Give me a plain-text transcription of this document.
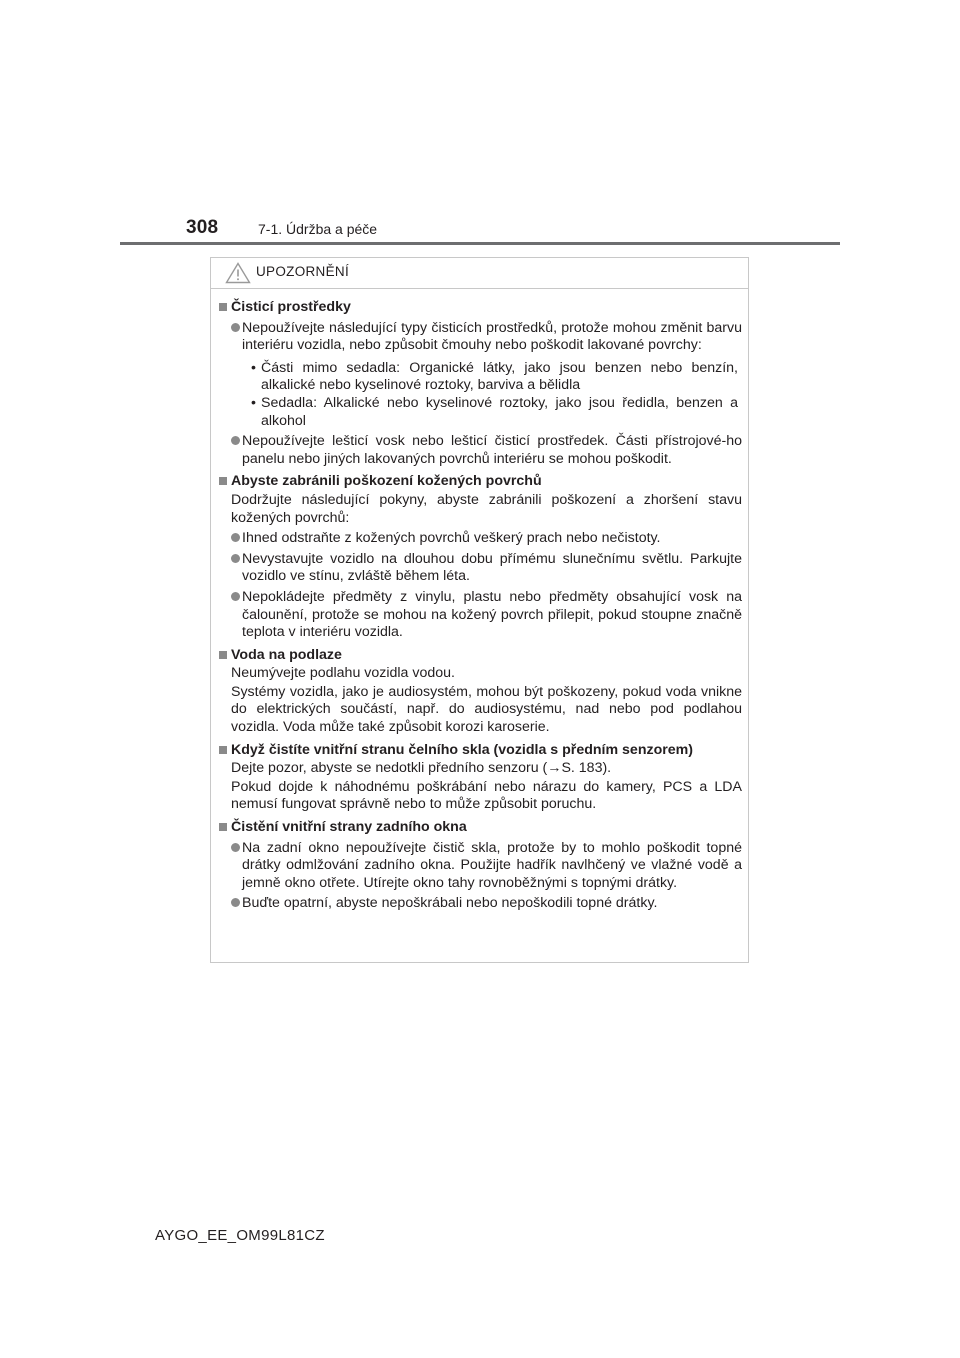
308	7-1. Údržba a péče
UPOZORNĚNÍ
Čisticí prostředky
Nepoužívejte následující typy čisticích prostředků, protože mohou změnit barvu interiéru vozidla, nebo způsobit čmouhy nebo poškodit lakované povrchy:
• Části mimo sedadla: Organické látky, jako jsou benzen nebo benzín, alkalické nebo kyselinové roztoky, barviva a bělidla
• Sedadla: Alkalické nebo kyselinové roztoky, jako jsou ředidla, benzen a alkohol
Nepoužívejte lešticí vosk nebo lešticí čisticí prostředek. Části přístrojové-ho panelu nebo jiných lakovaných povrchů interiéru se mohou poškodit.
Abyste zabránili poškození kožených povrchů
Dodržujte následující pokyny, abyste zabránili poškození a zhoršení stavu kožených povrchů:
Ihned odstraňte z kožených povrchů veškerý prach nebo nečistoty.
Nevystavujte vozidlo na dlouhou dobu přímému slunečnímu světlu. Parkujte vozidlo ve stínu, zvláště během léta.
Nepokládejte předměty z vinylu, plastu nebo předměty obsahující vosk na čalounění, protože se mohou na kožený povrch přilepit, pokud stoupne značně teplota v interiéru vozidla.
Voda na podlaze
Neumývejte podlahu vozidla vodou.
Systémy vozidla, jako je audiosystém, mohou být poškozeny, pokud voda vnikne do elektrických součástí, např. do audiosystému, nad nebo pod podlahou vozidla. Voda může také způsobit korozi karoserie.
Když čistíte vnitřní stranu čelního skla (vozidla s předním senzorem)
Dejte pozor, abyste se nedotkli předního senzoru (→S. 183).
Pokud dojde k náhodnému poškrábání nebo nárazu do kamery, PCS a LDA nemusí fungovat správně nebo to může způsobit poruchu.
Čistění vnitřní strany zadního okna
Na zadní okno nepoužívejte čistič skla, protože by to mohlo poškodit topné drátky odmlžování zadního okna. Použijte hadřík navlhčený ve vlažné vodě a jemně okno otřete. Utírejte okno tahy rovnoběžnými s topnými drátky.
Buďte opatrní, abyste nepoškrábali nebo nepoškodili topné drátky.
AYGO_EE_OM99L81CZ
